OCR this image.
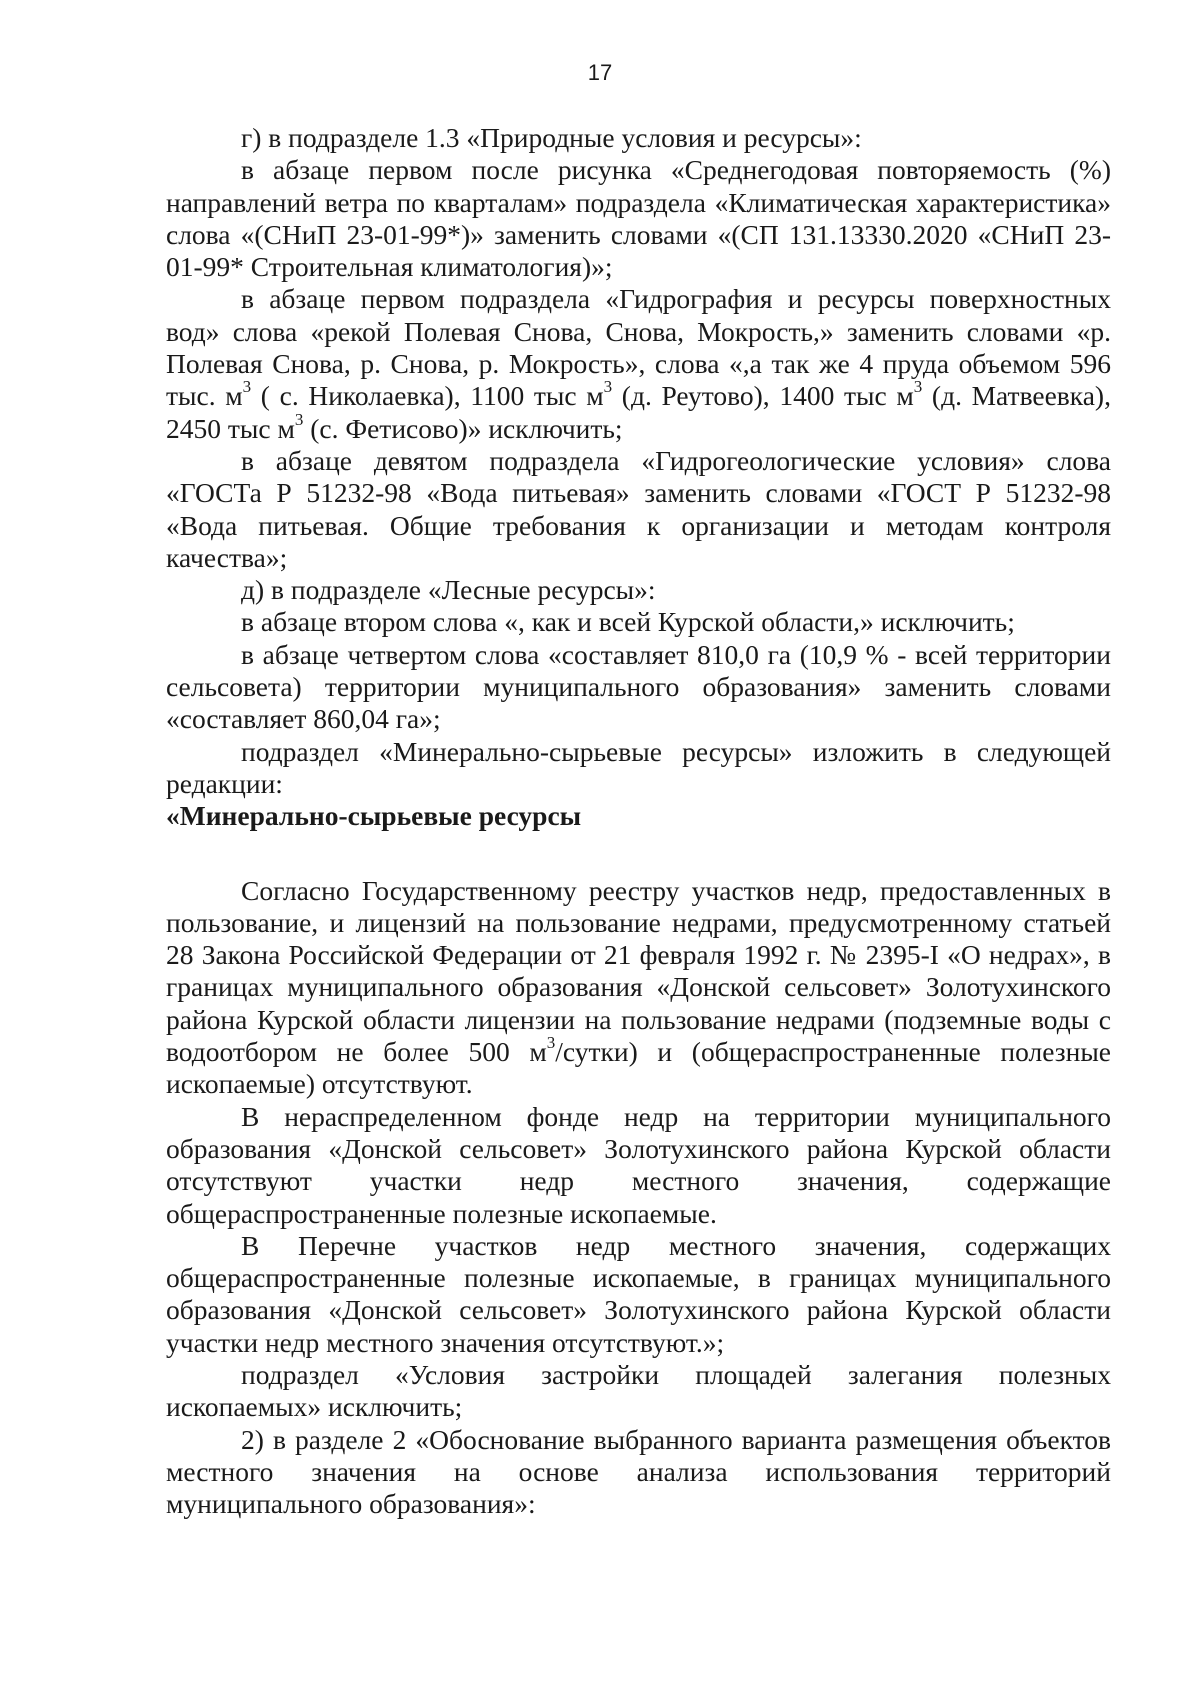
17

г) в подразделе 1.3 «Природные условия и ресурсы»:

в абзаце первом после рисунка «Среднегодовая повторяемость (%) направлений ветра по кварталам» подраздела «Климатическая характеристика» слова «(СНиП 23-01-99*)» заменить словами «(СП 131.13330.2020 «СНиП 23-01-99* Строительная климатология)»;

в абзаце первом подраздела «Гидрография и ресурсы поверхностных вод» слова «рекой Полевая Снова, Снова, Мокрость,» заменить словами «р. Полевая Снова, р. Снова, р. Мокрость», слова «,а так же 4 пруда объемом 596 тыс. $м^3$ ( с. Николаевка), 1100 тыс $м^3$ (д. Реутово), 1400 тыс $м^3$ (д. Матвеевка), 2450 тыс $м^3$ (с. Фетисово)» исключить;

в абзаце девятом подраздела «Гидрогеологические условия» слова «ГОСТа Р 51232-98 «Вода питьевая» заменить словами «ГОСТ Р 51232-98 «Вода питьевая. Общие требования к организации и методам контроля качества»;

д) в подразделе «Лесные ресурсы»:

в абзаце втором слова «, как и всей Курской области,» исключить;

в абзаце четвертом слова «составляет 810,0 га (10,9 % - всей территории сельсовета) территории муниципального образования» заменить словами «составляет 860,04 га»;

подраздел «Минерально-сырьевые ресурсы» изложить в следующей редакции:

«Минерально-сырьевые ресурсы

Согласно Государственному реестру участков недр, предоставленных в пользование, и лицензий на пользование недрами, предусмотренному статьей 28 Закона Российской Федерации от 21 февраля 1992 г. № 2395-I «О недрах», в границах муниципального образования «Донской сельсовет» Золотухинского района Курской области лицензии на пользование недрами (подземные воды с водоотбором не более 500 $м^3/сутки$) и (общераспространенные полезные ископаемые) отсутствуют.

В нераспределенном фонде недр на территории муниципального образования «Донской сельсовет» Золотухинского района Курской области отсутствуют участки недр местного значения, содержащие общераспространенные полезные ископаемые.

В Перечне участков недр местного значения, содержащих общераспространенные полезные ископаемые, в границах муниципального образования «Донской сельсовет» Золотухинского района Курской области участки недр местного значения отсутствуют.»;

подраздел «Условия застройки площадей залегания полезных ископаемых» исключить;

2) в разделе 2 «Обоснование выбранного варианта размещения объектов местного значения на основе анализа использования территорий муниципального образования»:
